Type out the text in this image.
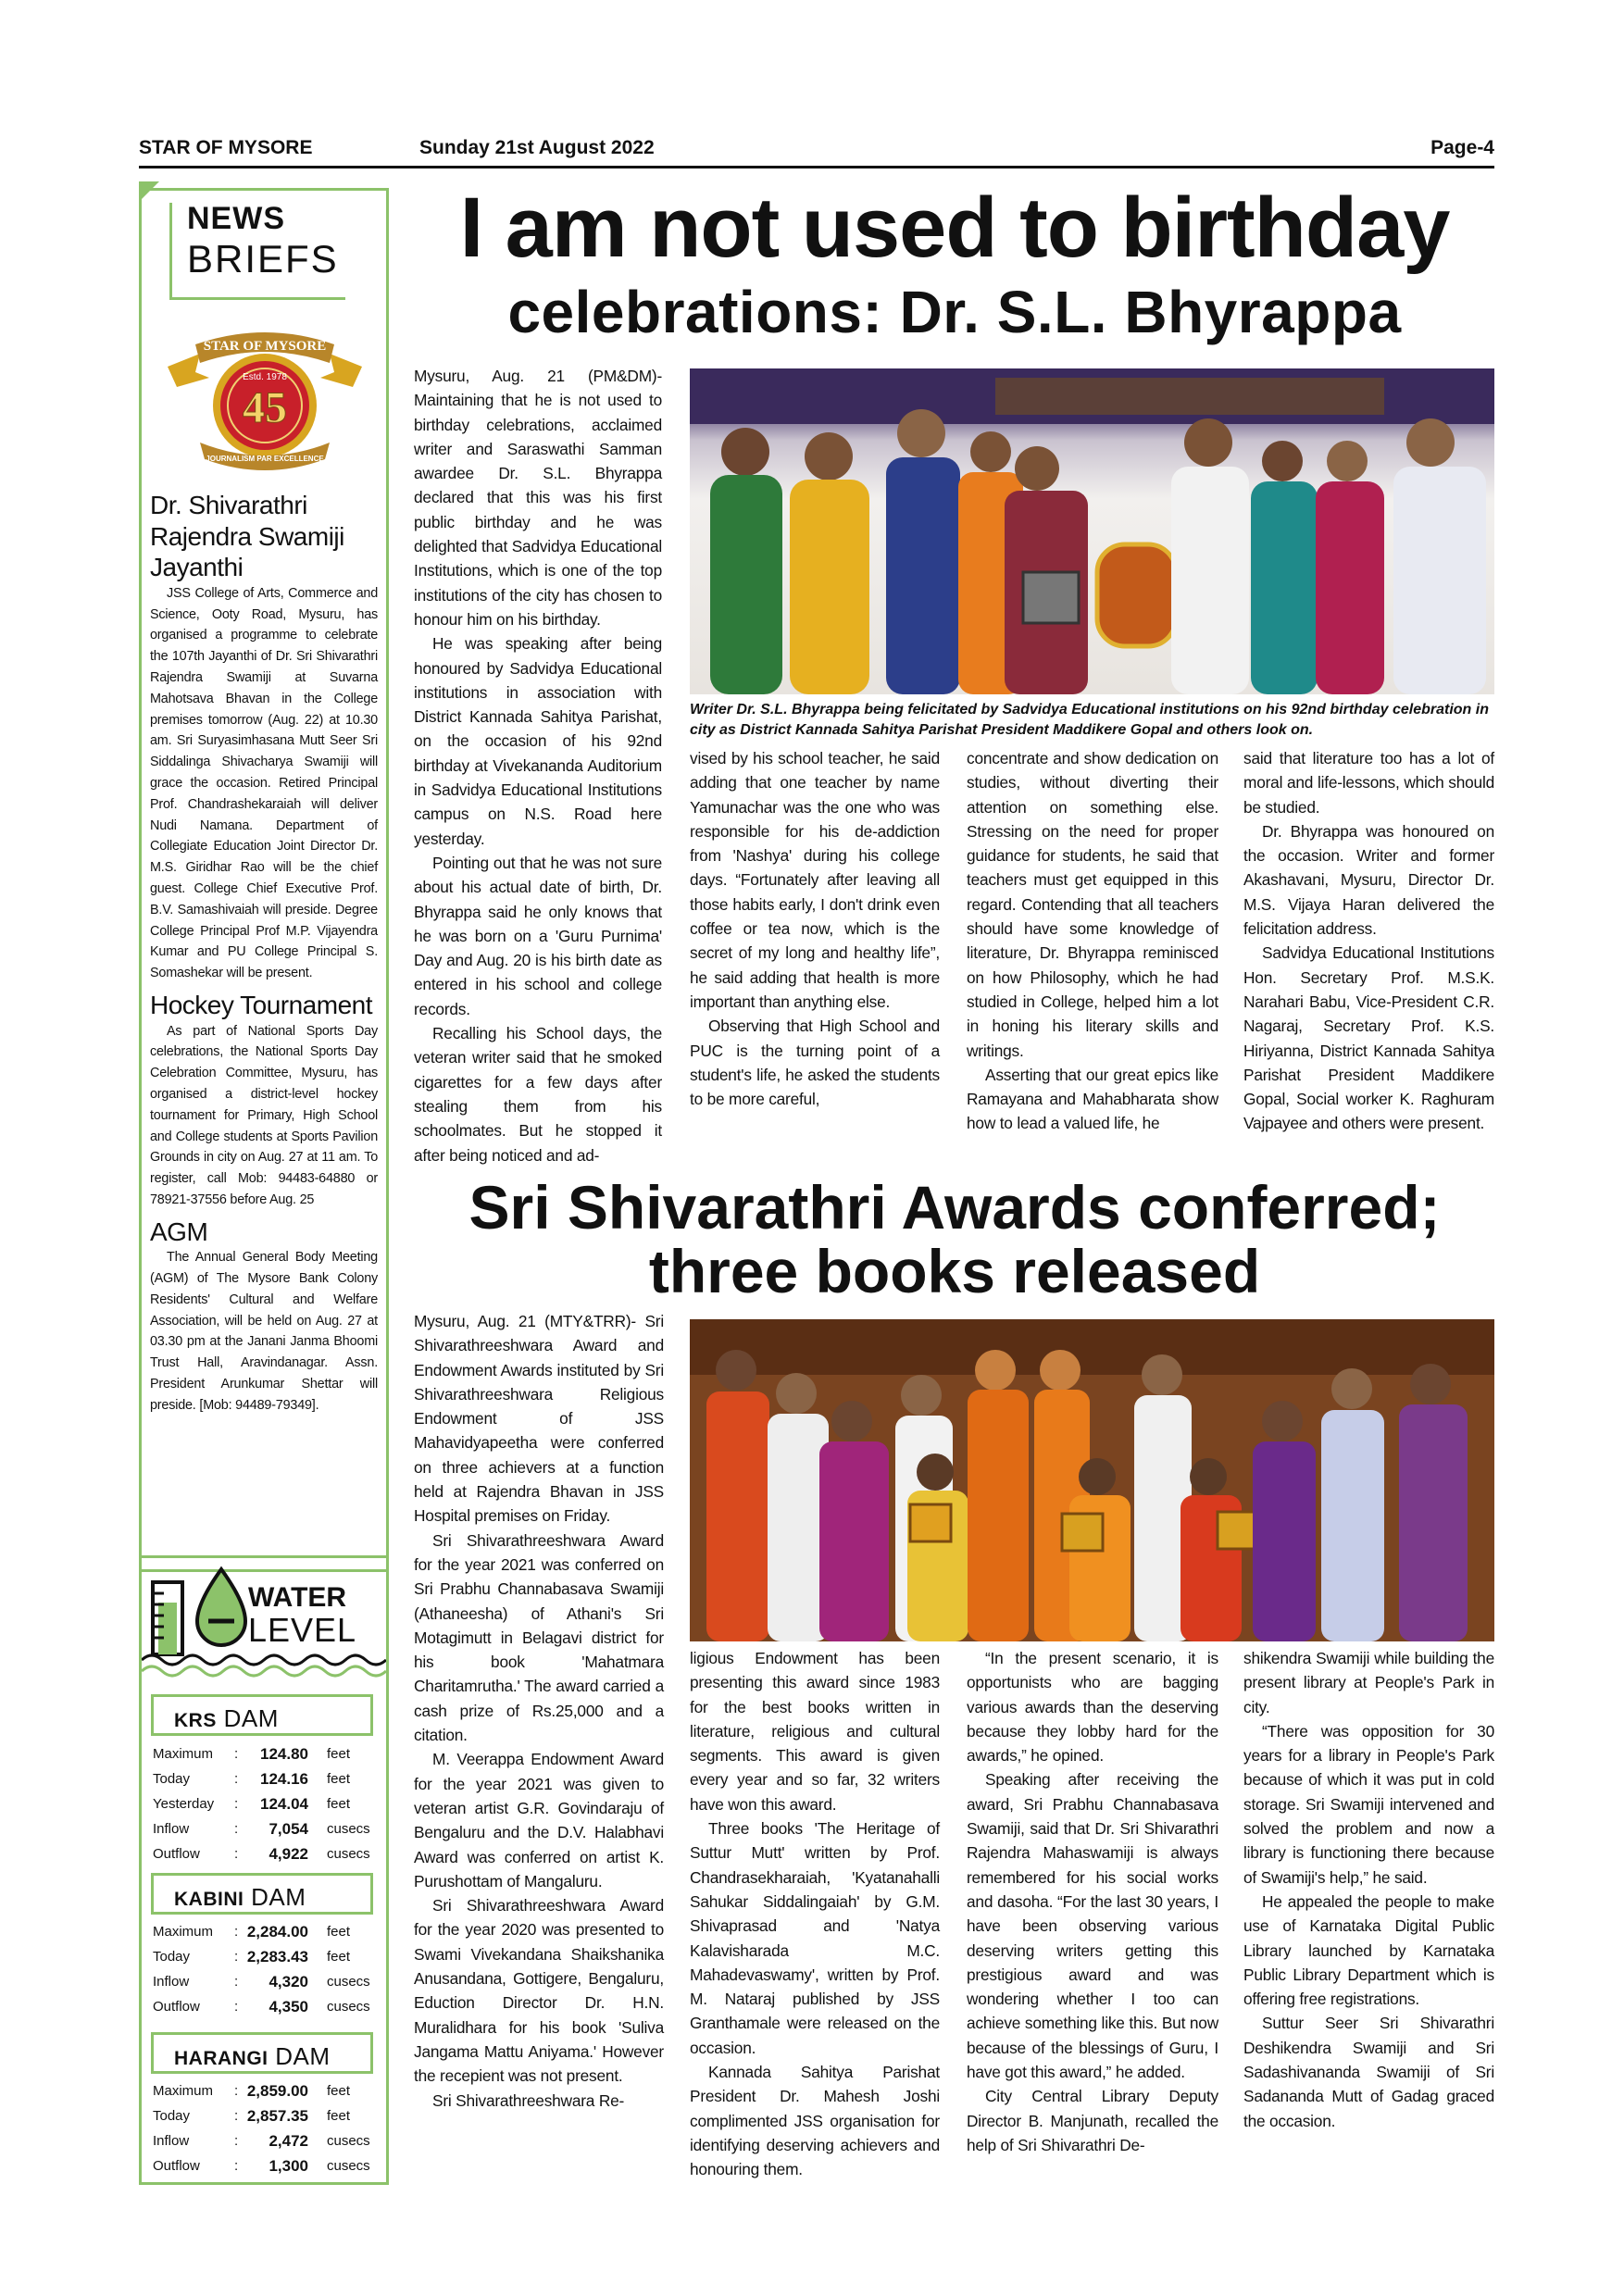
STAR OF MYSORE	Sunday 21st August 2022	Page-4
NEWS
BRIEFS
STAR OF MYSORE
Estd. 1978
45
JOURNALISM PAR EXCELLENCE
Dr. Shivarathri Rajendra Swamiji Jayanthi
JSS College of Arts, Commerce and Science, Ooty Road, Mysuru, has organised a programme to celebrate the 107th Jayanthi of Dr. Sri Shivarathri Rajendra Swamiji at Suvarna Mahotsava Bhavan in the College premises tomorrow (Aug. 22) at 10.30 am. Sri Suryasimhasana Mutt Seer Sri Siddalinga Shivacharya Swamiji will grace the occasion. Retired Principal Prof. Chandrashekaraiah will deliver Nudi Namana. Department of Collegiate Education Joint Director Dr. M.S. Giridhar Rao will be the chief guest. College Chief Executive Prof. B.V. Samashivaiah will preside. Degree College Principal Prof M.P. Vijayendra Kumar and PU College Principal S. Somashekar will be present.
Hockey Tournament
As part of National Sports Day celebrations, the National Sports Day Celebration Committee, Mysuru, has organised a district-level hockey tournament for Primary, High School and College students at Sports Pavilion Grounds in city on Aug. 27 at 11 am. To register, call Mob: 94483-64880 or 78921-37556 before Aug. 25
AGM
The Annual General Body Meeting (AGM) of The Mysore Bank Colony Residents' Cultural and Welfare Association, will be held on Aug. 27 at 03.30 pm at the Janani Janma Bhoomi Trust Hall, Aravindanagar. Assn. President Arunkumar Shettar will preside. [Mob: 94489-79349].
WATER
LEVEL
KRS DAM
Maximum : 124.80 feet
Today	: 124.16 feet
Yesterday : 124.04 feet
Inflow	: 7,054 cusecs
Outflow : 4,922 cusecs
KABINI DAM
Maximum : 2,284.00 feet
Today	: 2,283.43 feet
Inflow	: 4,320 cusecs
Outflow : 4,350 cusecs
HARANGI DAM
Maximum : 2,859.00 feet
Today	: 2,857.35 feet
Inflow	: 2,472 cusecs
Outflow : 1,300 cusecs
I am not used to birthday
celebrations: Dr. S.L. Bhyrappa

Mysuru, Aug. 21 (PM&DM)- Maintaining that he is not used to birthday celebrations, acclaimed writer and Saraswathi Samman awardee Dr. S.L. Bhyrappa declared that this was his first public birthday and he was delighted that Sadvidya Educational Institutions, which is one of the top institutions of the city has chosen to honour him on his birthday.

He was speaking after being honoured by Sadvidya Educational institutions in association with District Kannada Sahitya Parishat, on the occasion of his 92nd birthday at Vivekananda Auditorium in Sadvidya Educational Institutions campus on N.S. Road here yesterday.

Pointing out that he was not sure about his actual date of birth, Dr. Bhyrappa said he only knows that he was born on a 'Guru Purnima' Day and Aug. 20 is his birth date as entered in his school and college records.

Recalling his School days, the veteran writer said that he smoked cigarettes for a few days after stealing them from his schoolmates. But he stopped it after being noticed and ad-

Writer Dr. S.L. Bhyrappa being felicitated by Sadvidya Educational institutions on his 92nd birthday celebration in city as District Kannada Sahitya Parishat President Maddikere Gopal and others look on.

vised by his school teacher, he said adding that one teacher by name Yamunachar was the one who was responsible for his de-addiction from 'Nashya' during his college days. “Fortunately after leaving all those habits early, I don't drink even coffee or tea now, which is the secret of my long and healthy life”, he said adding that health is more important than anything else.

Observing that High School and PUC is the turning point of a student's life, he asked the students to be more careful,

concentrate and show dedication on studies, without diverting their attention on something else. Stressing on the need for proper guidance for students, he said that teachers must get equipped in this regard. Contending that all teachers should have some knowledge of literature, Dr. Bhyrappa reminisced on how Philosophy, which he had studied in College, helped him a lot in honing his literary skills and writings.

Asserting that our great epics like Ramayana and Mahabharata show how to lead a valued life, he

said that literature too has a lot of moral and life-lessons, which should be studied.

Dr. Bhyrappa was honoured on the occasion. Writer and former Akashavani, Mysuru, Director Dr. M.S. Vijaya Haran delivered the felicitation address.

Sadvidya Educational Institutions Hon. Secretary Prof. M.S.K. Narahari Babu, Vice-President C.R. Nagaraj, Secretary Prof. K.S. Hiriyanna, District Kannada Sahitya Parishat President Maddikere Gopal, Social worker K. Raghuram Vajpayee and others were present.

Sri Shivarathri Awards conferred;
three books released

Mysuru, Aug. 21 (MTY&TRR)- Sri Shivarathreeshwara Award and Endowment Awards instituted by Sri Shivarathreeshwara Religious Endowment of JSS Mahavidyapeetha were conferred on three achievers at a function held at Rajendra Bhavan in JSS Hospital premises on Friday.

Sri Shivarathreeshwara Award for the year 2021 was conferred on Sri Prabhu Channabasava Swamiji (Athaneesha) of Athani's Sri Motagimutt in Belagavi district for his book 'Mahatmara Charitamrutha.' The award carried a cash prize of Rs.25,000 and a citation.

M. Veerappa Endowment Award for the year 2021 was given to veteran artist G.R. Govindaraju of Bengaluru and the D.V. Halabhavi Award was conferred on artist K. Purushottam of Mangaluru.

Sri Shivarathreeshwara Award for the year 2020 was presented to Swami Vivekandana Shaikshanika Anusandana, Gottigere, Bengaluru, Eduction Director Dr. H.N. Muralidhara for his book 'Suliva Jangama Mattu Aniyama.' However the recepient was not present.

Sri Shivarathreeshwara Re-

ligious Endowment has been presenting this award since 1983 for the best books written in literature, religious and cultural segments. This award is given every year and so far, 32 writers have won this award.

Three books 'The Heritage of Suttur Mutt' written by Prof. Chandrasekharaiah, 'Kyatanahalli Sahukar Siddalingaiah' by G.M. Shivaprasad and 'Natya Kalavisharada M.C. Mahadevaswamy', written by Prof. M. Nataraj published by JSS Granthamale were released on the occasion.

Kannada Sahitya Parishat President Dr. Mahesh Joshi complimented JSS organisation for identifying deserving achievers and honouring them.

“In the present scenario, it is opportunists who are bagging various awards than the deserving because they lobby hard for the awards,” he opined.

Speaking after receiving the award, Sri Prabhu Channabasava Swamiji, said that Dr. Sri Shivarathri Rajendra Mahaswamiji is always remembered for his social works and dasoha. “For the last 30 years, I have been observing various deserving writers getting this prestigious award and was wondering whether I too can achieve something like this. But now because of the blessings of Guru, I have got this award,” he added.

City Central Library Deputy Director B. Manjunath, recalled the help of Sri Shivarathri De-

shikendra Swamiji while building the present library at People's Park in city.

“There was opposition for 30 years for a library in People's Park because of which it was put in cold storage. Sri Swamiji intervened and solved the problem and now a library is functioning there because of Swamiji's help,” he said.

He appealed the people to make use of Karnataka Digital Public Library launched by Karnataka Public Library Department which is offering free registrations.

Suttur Seer Sri Shivarathri Deshikendra Swamiji and Sri Sadashivananda Swamiji of Sri Sadananda Mutt of Gadag graced the occasion.
